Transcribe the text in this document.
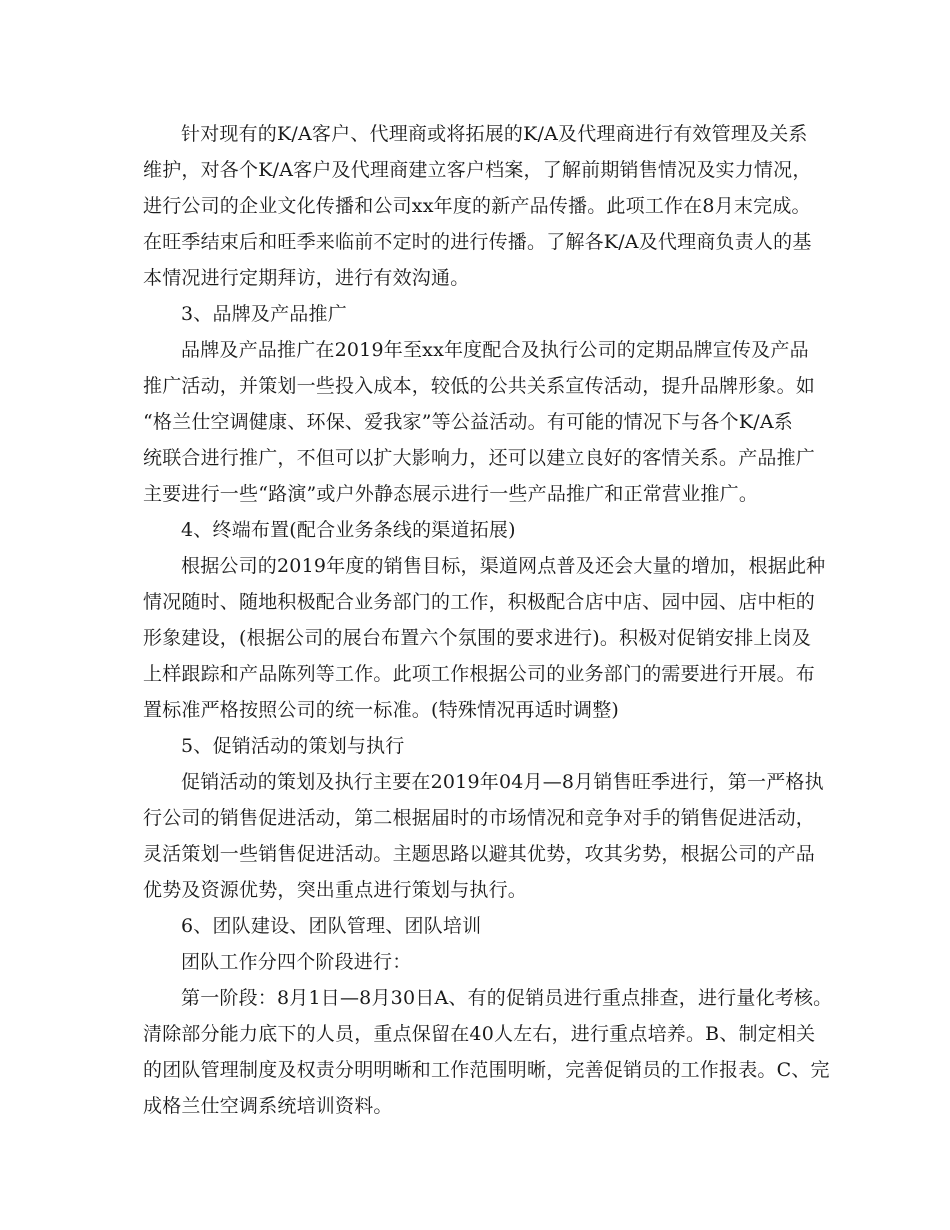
针对现有的K/A客户、代理商或将拓展的K/A及代理商进行有效管理及关系

维护，对各个K/A客户及代理商建立客户档案，了解前期销售情况及实力情况，

进行公司的企业文化传播和公司xx年度的新产品传播。此项工作在8月末完成。

在旺季结束后和旺季来临前不定时的进行传播。了解各K/A及代理商负责人的基

本情况进行定期拜访，进行有效沟通。

3、品牌及产品推广

品牌及产品推广在2019年至xx年度配合及执行公司的定期品牌宣传及产品

推广活动，并策划一些投入成本，较低的公共关系宣传活动，提升品牌形象。如

“格兰仕空调健康、环保、爱我家”等公益活动。有可能的情况下与各个K/A系

统联合进行推广，不但可以扩大影响力，还可以建立良好的客情关系。产品推广

主要进行一些“路演”或户外静态展示进行一些产品推广和正常营业推广。

4、终端布置(配合业务条线的渠道拓展)

根据公司的2019年度的销售目标，渠道网点普及还会大量的增加，根据此种

情况随时、随地积极配合业务部门的工作，积极配合店中店、园中园、店中柜的

形象建设，(根据公司的展台布置六个氛围的要求进行)。积极对促销安排上岗及

上样跟踪和产品陈列等工作。此项工作根据公司的业务部门的需要进行开展。布

置标准严格按照公司的统一标准。(特殊情况再适时调整)

5、促销活动的策划与执行

促销活动的策划及执行主要在2019年04月—8月销售旺季进行，第一严格执

行公司的销售促进活动，第二根据届时的市场情况和竞争对手的销售促进活动，

灵活策划一些销售促进活动。主题思路以避其优势，攻其劣势，根据公司的产品

优势及资源优势，突出重点进行策划与执行。

6、团队建设、团队管理、团队培训

团队工作分四个阶段进行：

第一阶段：8月1日—8月30日A、有的促销员进行重点排查，进行量化考核。

清除部分能力底下的人员，重点保留在40人左右，进行重点培养。B、制定相关

的团队管理制度及权责分明明晰和工作范围明晰，完善促销员的工作报表。C、完

成格兰仕空调系统培训资料。
